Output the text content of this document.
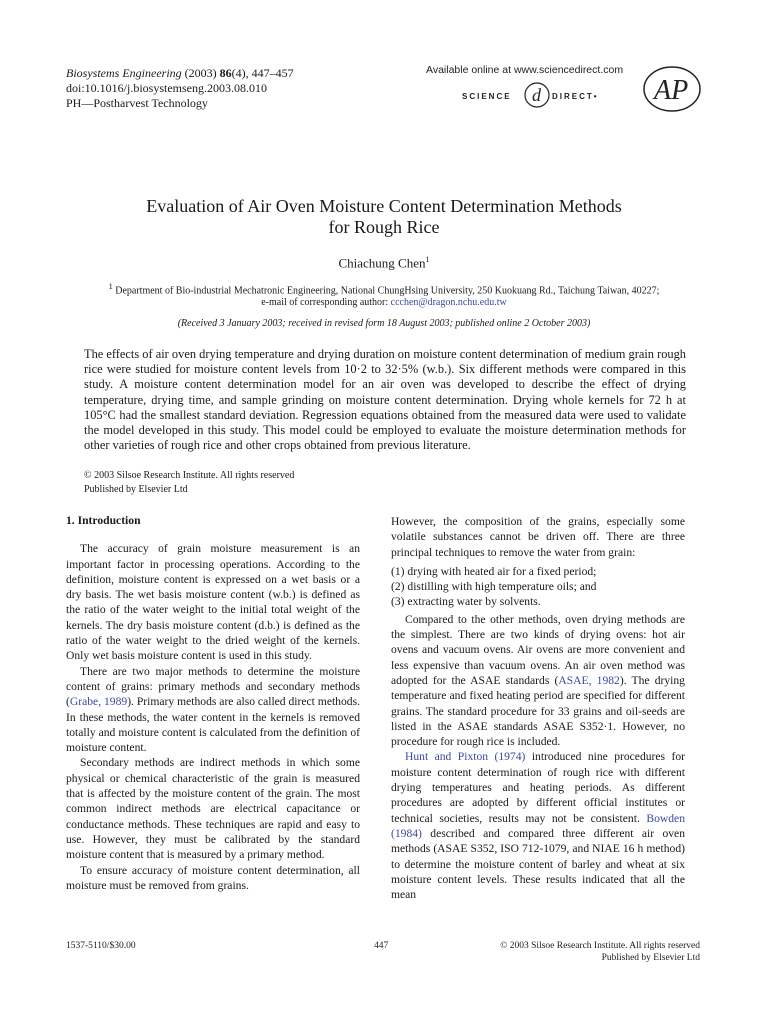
Biosystems Engineering (2003) 86(4), 447–457
doi:10.1016/j.biosystemseng.2003.08.010
PH—Postharvest Technology
Available online at www.sciencedirect.com
SCIENCE d DIRECT• AP
Evaluation of Air Oven Moisture Content Determination Methods
for Rough Rice
Chiachung Chen$^1$
$^1$ Department of Bio-industrial Mechatronic Engineering, National ChungHsing University, 250 Kuokuang Rd., Taichung Taiwan, 40227;
e-mail of corresponding author: ccchen@dragon.nchu.edu.tw
(Received 3 January 2003; received in revised form 18 August 2003; published online 2 October 2003)
The effects of air oven drying temperature and drying duration on moisture content determination of medium grain rough rice were studied for moisture content levels from 10·2 to 32·5% (w.b.). Six different methods were compared in this study. A moisture content determination model for an air oven was developed to describe the effect of drying temperature, drying time, and sample grinding on moisture content determination. Drying whole kernels for 72 h at 105°C had the smallest standard deviation. Regression equations obtained from the measured data were used to validate the model developed in this study. This model could be employed to evaluate the moisture determination methods for other varieties of rough rice and other crops obtained from previous literature.
© 2003 Silsoe Research Institute. All rights reserved
Published by Elsevier Ltd
1. Introduction

The accuracy of grain moisture measurement is an important factor in processing operations. According to the definition, moisture content is expressed on a wet basis or a dry basis. The wet basis moisture content (w.b.) is defined as the ratio of the water weight to the initial total weight of the kernels. The dry basis moisture content (d.b.) is defined as the ratio of the water weight to the dried weight of the kernels. Only wet basis moisture content is used in this study.

There are two major methods to determine the moisture content of grains: primary methods and secondary methods (Grabe, 1989). Primary methods are also called direct methods. In these methods, the water content in the kernels is removed totally and moisture content is calculated from the definition of moisture content.

Secondary methods are indirect methods in which some physical or chemical characteristic of the grain is measured that is affected by the moisture content of the grain. The most common indirect methods are electrical capacitance or conductance methods. These techniques are rapid and easy to use. However, they must be calibrated by the standard moisture content that is measured by a primary method.

To ensure accuracy of moisture content determination, all moisture must be removed from grains.

However, the composition of the grains, especially some volatile substances cannot be driven off. There are three principal techniques to remove the water from grain:

(1) drying with heated air for a fixed period;
(2) distilling with high temperature oils; and
(3) extracting water by solvents.

Compared to the other methods, oven drying methods are the simplest. There are two kinds of drying ovens: hot air ovens and vacuum ovens. Air ovens are more convenient and less expensive than vacuum ovens. An air oven method was adopted for the ASAE standards (ASAE, 1982). The drying temperature and fixed heating period are specified for different grains. The standard procedure for 33 grains and oil-seeds are listed in the ASAE standards ASAE S352·1. However, no procedure for rough rice is included.

Hunt and Pixton (1974) introduced nine procedures for moisture content determination of rough rice with different drying temperatures and heating periods. As different procedures are adopted by different official institutes or technical societies, results may not be consistent. Bowden (1984) described and compared three different air oven methods (ASAE S352, ISO 712-1079, and NIAE 16 h method) to determine the moisture content of barley and wheat at six moisture content levels. These results indicated that all the mean

1537-5110/$30.00	447	© 2003 Silsoe Research Institute. All rights reserved
Published by Elsevier Ltd
